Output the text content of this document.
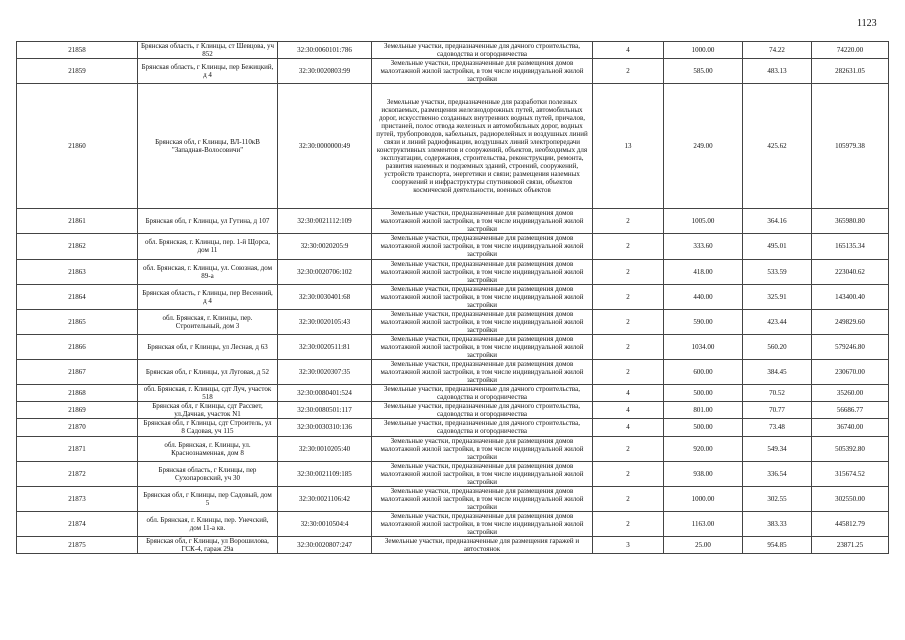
1123
21858	Брянская область, г Клинцы, ст Шевцова, уч 852	32:30:0060101:786	Земельные участки, предназначенные для дачного строительства, садоводства и огородничества	4	1000.00	74.22	74220.00
21859	Брянская область, г Клинцы, пер Бежицкий, д 4	32:30:0020803:99	Земельные участки, предназначенные для размещения домов малоэтажной жилой застройки, в том числе индивидуальной жилой застройки	2	585.00	483.13	282631.05
21860	Брянская обл, г Клинцы, ВЛ-110кВ "Западная-Волосовичи"	32:30:0000000:49	Земельные участки, предназначенные для разработки полезных ископаемых, размещения железнодорожных путей, автомобильных дорог, искусственно созданных внутренних водных путей, причалов, пристаней, полос отвода железных и автомобильных дорог, водных путей, трубопроводов, кабельных, радиорелейных и воздушных линий связи и линий радиофикации, воздушных линий электропередачи конструктивных элементов и сооружений, объектов, необходимых для эксплуатации, содержания, строительства, реконструкции, ремонта, развития наземных и подземных зданий, строений, сооружений, устройств транспорта, энергетики и связи; размещения наземных сооружений и инфраструктуры спутниковой связи, объектов космической деятельности, военных объектов	13	249.00	425.62	105979.38
21861	Брянская обл, г Клинцы, ул Гутина, д 107	32:30:0021112:109	Земельные участки, предназначенные для размещения домов малоэтажной жилой застройки, в том числе индивидуальной жилой застройки	2	1005.00	364.16	365980.80
21862	обл. Брянская, г. Клинцы, пер. 1-й Щорса, дом 11	32:30:0020205:9	Земельные участки, предназначенные для размещения домов малоэтажной жилой застройки, в том числе индивидуальной жилой застройки	2	333.60	495.01	165135.34
21863	обл. Брянская, г. Клинцы, ул. Союзная, дом 89-а	32:30:0020706:102	Земельные участки, предназначенные для размещения домов малоэтажной жилой застройки, в том числе индивидуальной жилой застройки	2	418.00	533.59	223040.62
21864	Брянская область, г Клинцы, пер Весенний, д 4	32:30:0030401:68	Земельные участки, предназначенные для размещения домов малоэтажной жилой застройки, в том числе индивидуальной жилой застройки	2	440.00	325.91	143400.40
21865	обл. Брянская, г. Клинцы, пер. Строительный, дом 3	32:30:0020105:43	Земельные участки, предназначенные для размещения домов малоэтажной жилой застройки, в том числе индивидуальной жилой застройки	2	590.00	423.44	249829.60
21866	Брянская обл, г Клинцы, ул Лесная, д 63	32:30:0020511:81	Земельные участки, предназначенные для размещения домов малоэтажной жилой застройки, в том числе индивидуальной жилой застройки	2	1034.00	560.20	579246.80
21867	Брянская обл, г Клинцы, ул Луговая, д 52	32:30:0020307:35	Земельные участки, предназначенные для размещения домов малоэтажной жилой застройки, в том числе индивидуальной жилой застройки	2	600.00	384.45	230670.00
21868	обл. Брянская, г. Клинцы, сдт Луч, участок 518	32:30:0080401:524	Земельные участки, предназначенные для дачного строительства, садоводства и огородничества	4	500.00	70.52	35260.00
21869	Брянская обл, г Клинцы, сдт Рассвет, ул.Дачная, участок N1	32:30:0080501:117	Земельные участки, предназначенные для дачного строительства, садоводства и огородничества	4	801.00	70.77	56686.77
21870	Брянская обл, г Клинцы, сдт Строитель, ул 8 Садовая, уч 115	32:30:0030310:136	Земельные участки, предназначенные для дачного строительства, садоводства и огородничества	4	500.00	73.48	36740.00
21871	обл. Брянская, г. Клинцы, ул. Краснознаменная, дом 8	32:30:0010205:40	Земельные участки, предназначенные для размещения домов малоэтажной жилой застройки, в том числе индивидуальной жилой застройки	2	920.00	549.34	505392.80
21872	Брянская область, г Клинцы, пер Сухопаровский, уч 30	32:30:0021109:185	Земельные участки, предназначенные для размещения домов малоэтажной жилой застройки, в том числе индивидуальной жилой застройки	2	938.00	336.54	315674.52
21873	Брянская обл, г Клинцы, пер Садовый, дом 5	32:30:0021106:42	Земельные участки, предназначенные для размещения домов малоэтажной жилой застройки, в том числе индивидуальной жилой застройки	2	1000.00	302.55	302550.00
21874	обл. Брянская, г. Клинцы, пер. Унечский, дом 11-а кв.	32:30:0010504:4	Земельные участки, предназначенные для размещения домов малоэтажной жилой застройки, в том числе индивидуальной жилой застройки	2	1163.00	383.33	445812.79
21875	Брянская обл, г Клинцы, ул Ворошилова, ГСК-4, гараж 29а	32:30:0020807:247	Земельные участки, предназначенные для размещения гаражей и автостоянок	3	25.00	954.85	23871.25
